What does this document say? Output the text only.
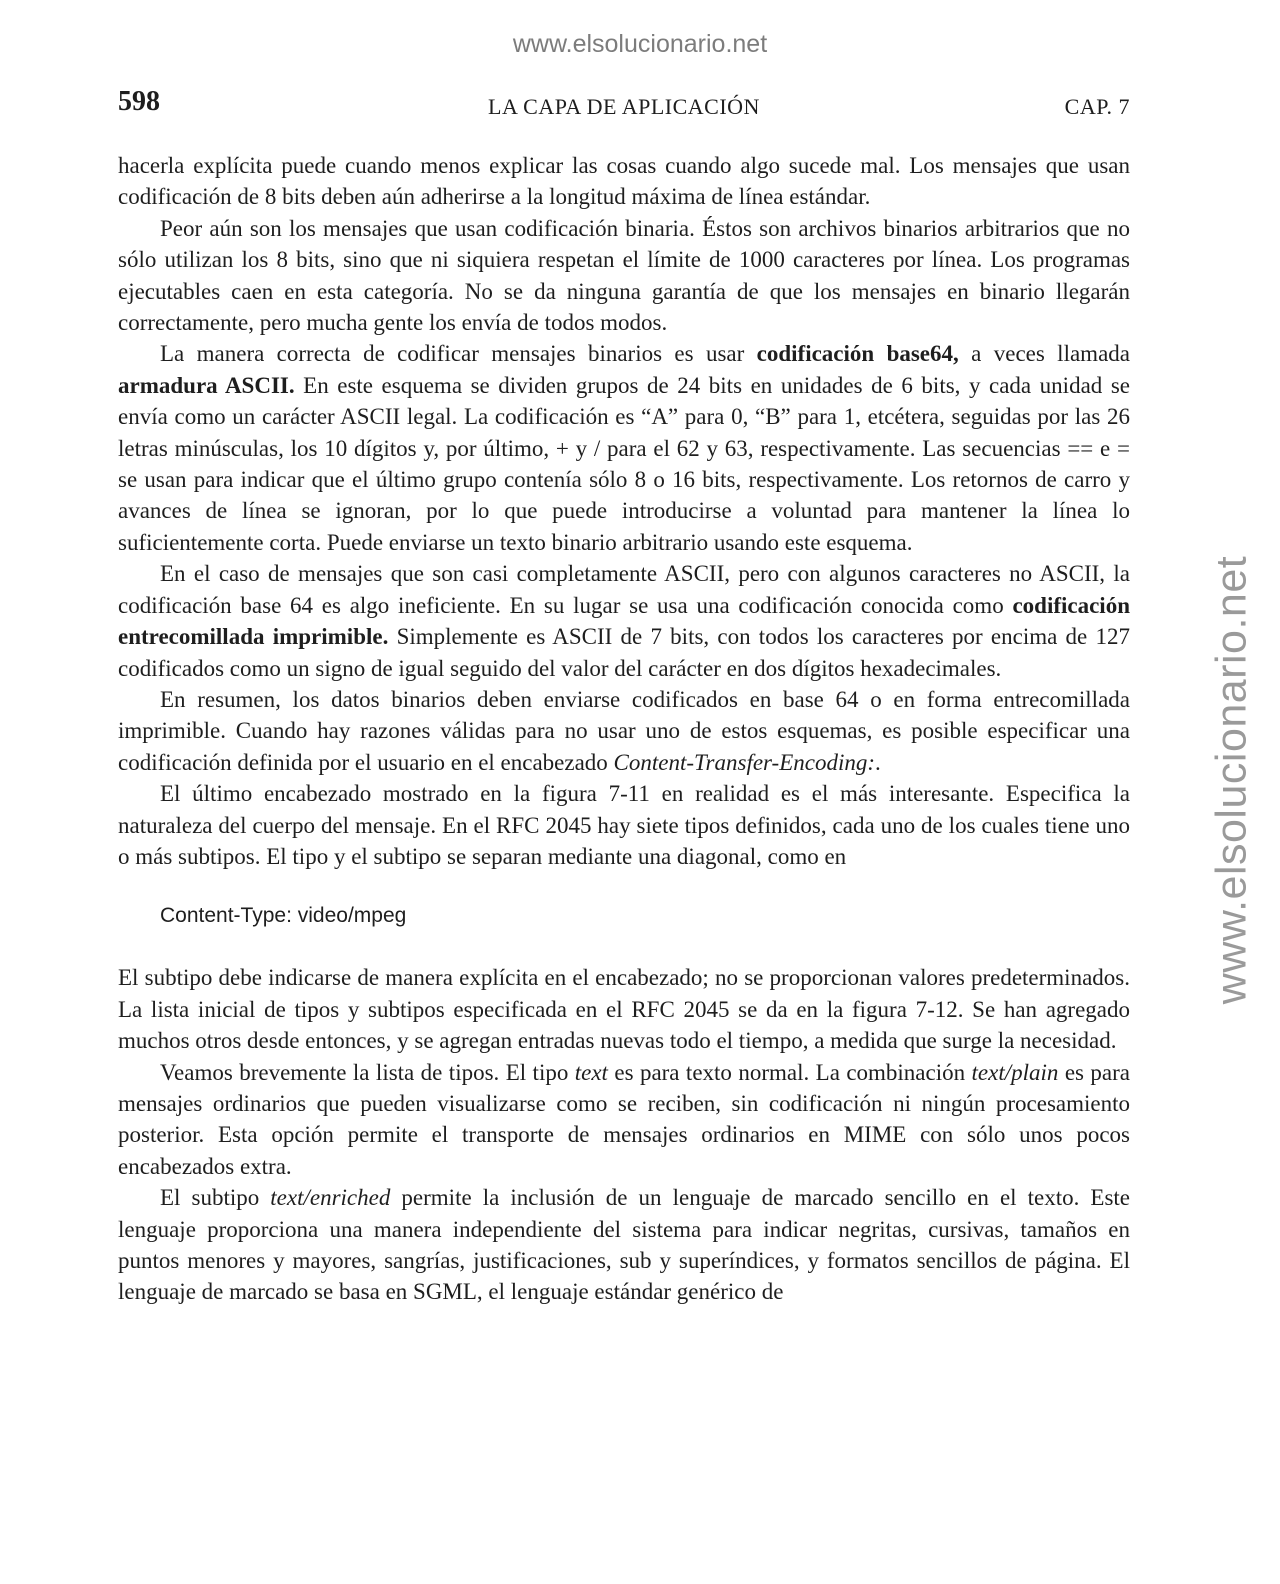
www.elsolucionario.net
www.elsolucionario.net
598	LA CAPA DE APLICACIÓN	CAP. 7

hacerla explícita puede cuando menos explicar las cosas cuando algo sucede mal. Los mensajes que usan codificación de 8 bits deben aún adherirse a la longitud máxima de línea estándar.

Peor aún son los mensajes que usan codificación binaria. Éstos son archivos binarios arbitrarios que no sólo utilizan los 8 bits, sino que ni siquiera respetan el límite de 1000 caracteres por línea. Los programas ejecutables caen en esta categoría. No se da ninguna garantía de que los mensajes en binario llegarán correctamente, pero mucha gente los envía de todos modos.

La manera correcta de codificar mensajes binarios es usar codificación base64, a veces llamada armadura ASCII. En este esquema se dividen grupos de 24 bits en unidades de 6 bits, y cada unidad se envía como un carácter ASCII legal. La codificación es “A” para 0, “B” para 1, etcétera, seguidas por las 26 letras minúsculas, los 10 dígitos y, por último, + y / para el 62 y 63, respectivamente. Las secuencias == e = se usan para indicar que el último grupo contenía sólo 8 o 16 bits, respectivamente. Los retornos de carro y avances de línea se ignoran, por lo que puede introducirse a voluntad para mantener la línea lo suficientemente corta. Puede enviarse un texto binario arbitrario usando este esquema.

En el caso de mensajes que son casi completamente ASCII, pero con algunos caracteres no ASCII, la codificación base 64 es algo ineficiente. En su lugar se usa una codificación conocida como codificación entrecomillada imprimible. Simplemente es ASCII de 7 bits, con todos los caracteres por encima de 127 codificados como un signo de igual seguido del valor del carácter en dos dígitos hexadecimales.

En resumen, los datos binarios deben enviarse codificados en base 64 o en forma entrecomillada imprimible. Cuando hay razones válidas para no usar uno de estos esquemas, es posible especificar una codificación definida por el usuario en el encabezado Content-Transfer-Encoding:.

El último encabezado mostrado en la figura 7-11 en realidad es el más interesante. Especifica la naturaleza del cuerpo del mensaje. En el RFC 2045 hay siete tipos definidos, cada uno de los cuales tiene uno o más subtipos. El tipo y el subtipo se separan mediante una diagonal, como en

Content-Type: video/mpeg

El subtipo debe indicarse de manera explícita en el encabezado; no se proporcionan valores predeterminados. La lista inicial de tipos y subtipos especificada en el RFC 2045 se da en la figura 7-12. Se han agregado muchos otros desde entonces, y se agregan entradas nuevas todo el tiempo, a medida que surge la necesidad.

Veamos brevemente la lista de tipos. El tipo text es para texto normal. La combinación text/plain es para mensajes ordinarios que pueden visualizarse como se reciben, sin codificación ni ningún procesamiento posterior. Esta opción permite el transporte de mensajes ordinarios en MIME con sólo unos pocos encabezados extra.

El subtipo text/enriched permite la inclusión de un lenguaje de marcado sencillo en el texto. Este lenguaje proporciona una manera independiente del sistema para indicar negritas, cursivas, tamaños en puntos menores y mayores, sangrías, justificaciones, sub y superíndices, y formatos sencillos de página. El lenguaje de marcado se basa en SGML, el lenguaje estándar genérico de
